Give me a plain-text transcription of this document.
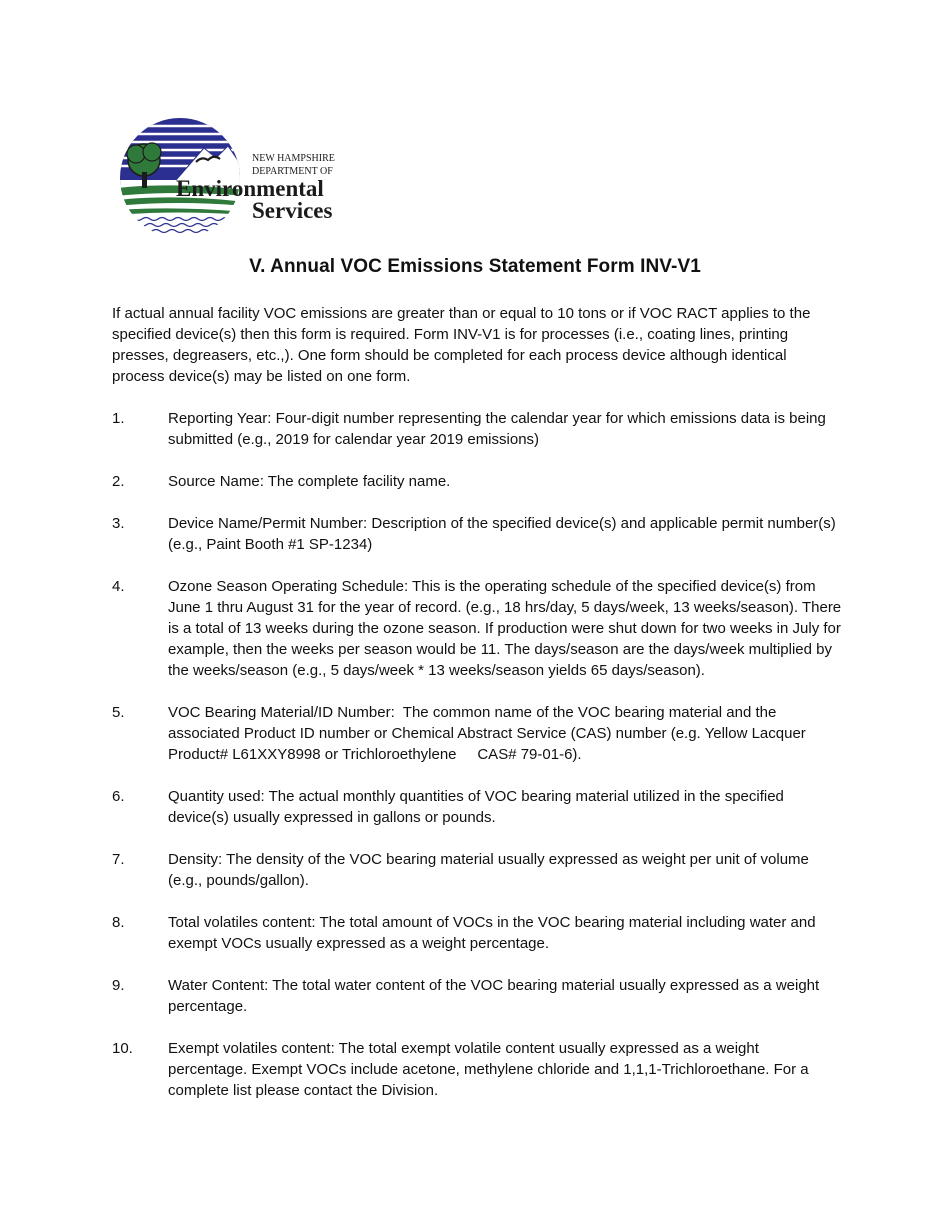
NEW HAMPSHIRE
DEPARTMENT OF
Environmental
Services
V. Annual VOC Emissions Statement Form INV-V1

If actual annual facility VOC emissions are greater than or equal to 10 tons or if VOC RACT applies to the specified device(s) then this form is required. Form INV-V1 is for processes (i.e., coating lines, printing presses, degreasers, etc.,). One form should be completed for each process device although identical process device(s) may be listed on one form.

1.	Reporting Year: Four-digit number representing the calendar year for which emissions data is being submitted (e.g., 2019 for calendar year 2019 emissions)
2.	Source Name: The complete facility name.
3.	Device Name/Permit Number: Description of the specified device(s) and applicable permit number(s) (e.g., Paint Booth #1 SP-1234)
4.	Ozone Season Operating Schedule: This is the operating schedule of the specified device(s) from June 1 thru August 31 for the year of record. (e.g., 18 hrs/day, 5 days/week, 13 weeks/season). There is a total of 13 weeks during the ozone season. If production were shut down for two weeks in July for example, then the weeks per season would be 11. The days/season are the days/week multiplied by the weeks/season (e.g., 5 days/week * 13 weeks/season yields 65 days/season).
5.	VOC Bearing Material/ID Number:  The common name of the VOC bearing material and the associated Product ID number or Chemical Abstract Service (CAS) number (e.g. Yellow Lacquer Product# L61XXY8998 or Trichloroethylene     CAS# 79-01-6).
6.	Quantity used: The actual monthly quantities of VOC bearing material utilized in the specified device(s) usually expressed in gallons or pounds.
7.	Density: The density of the VOC bearing material usually expressed as weight per unit of volume (e.g., pounds/gallon).
8.	Total volatiles content: The total amount of VOCs in the VOC bearing material including water and exempt VOCs usually expressed as a weight percentage.
9.	Water Content: The total water content of the VOC bearing material usually expressed as a weight percentage.
10.	Exempt volatiles content: The total exempt volatile content usually expressed as a weight percentage. Exempt VOCs include acetone, methylene chloride and 1,1,1-Trichloroethane. For a complete list please contact the Division.
